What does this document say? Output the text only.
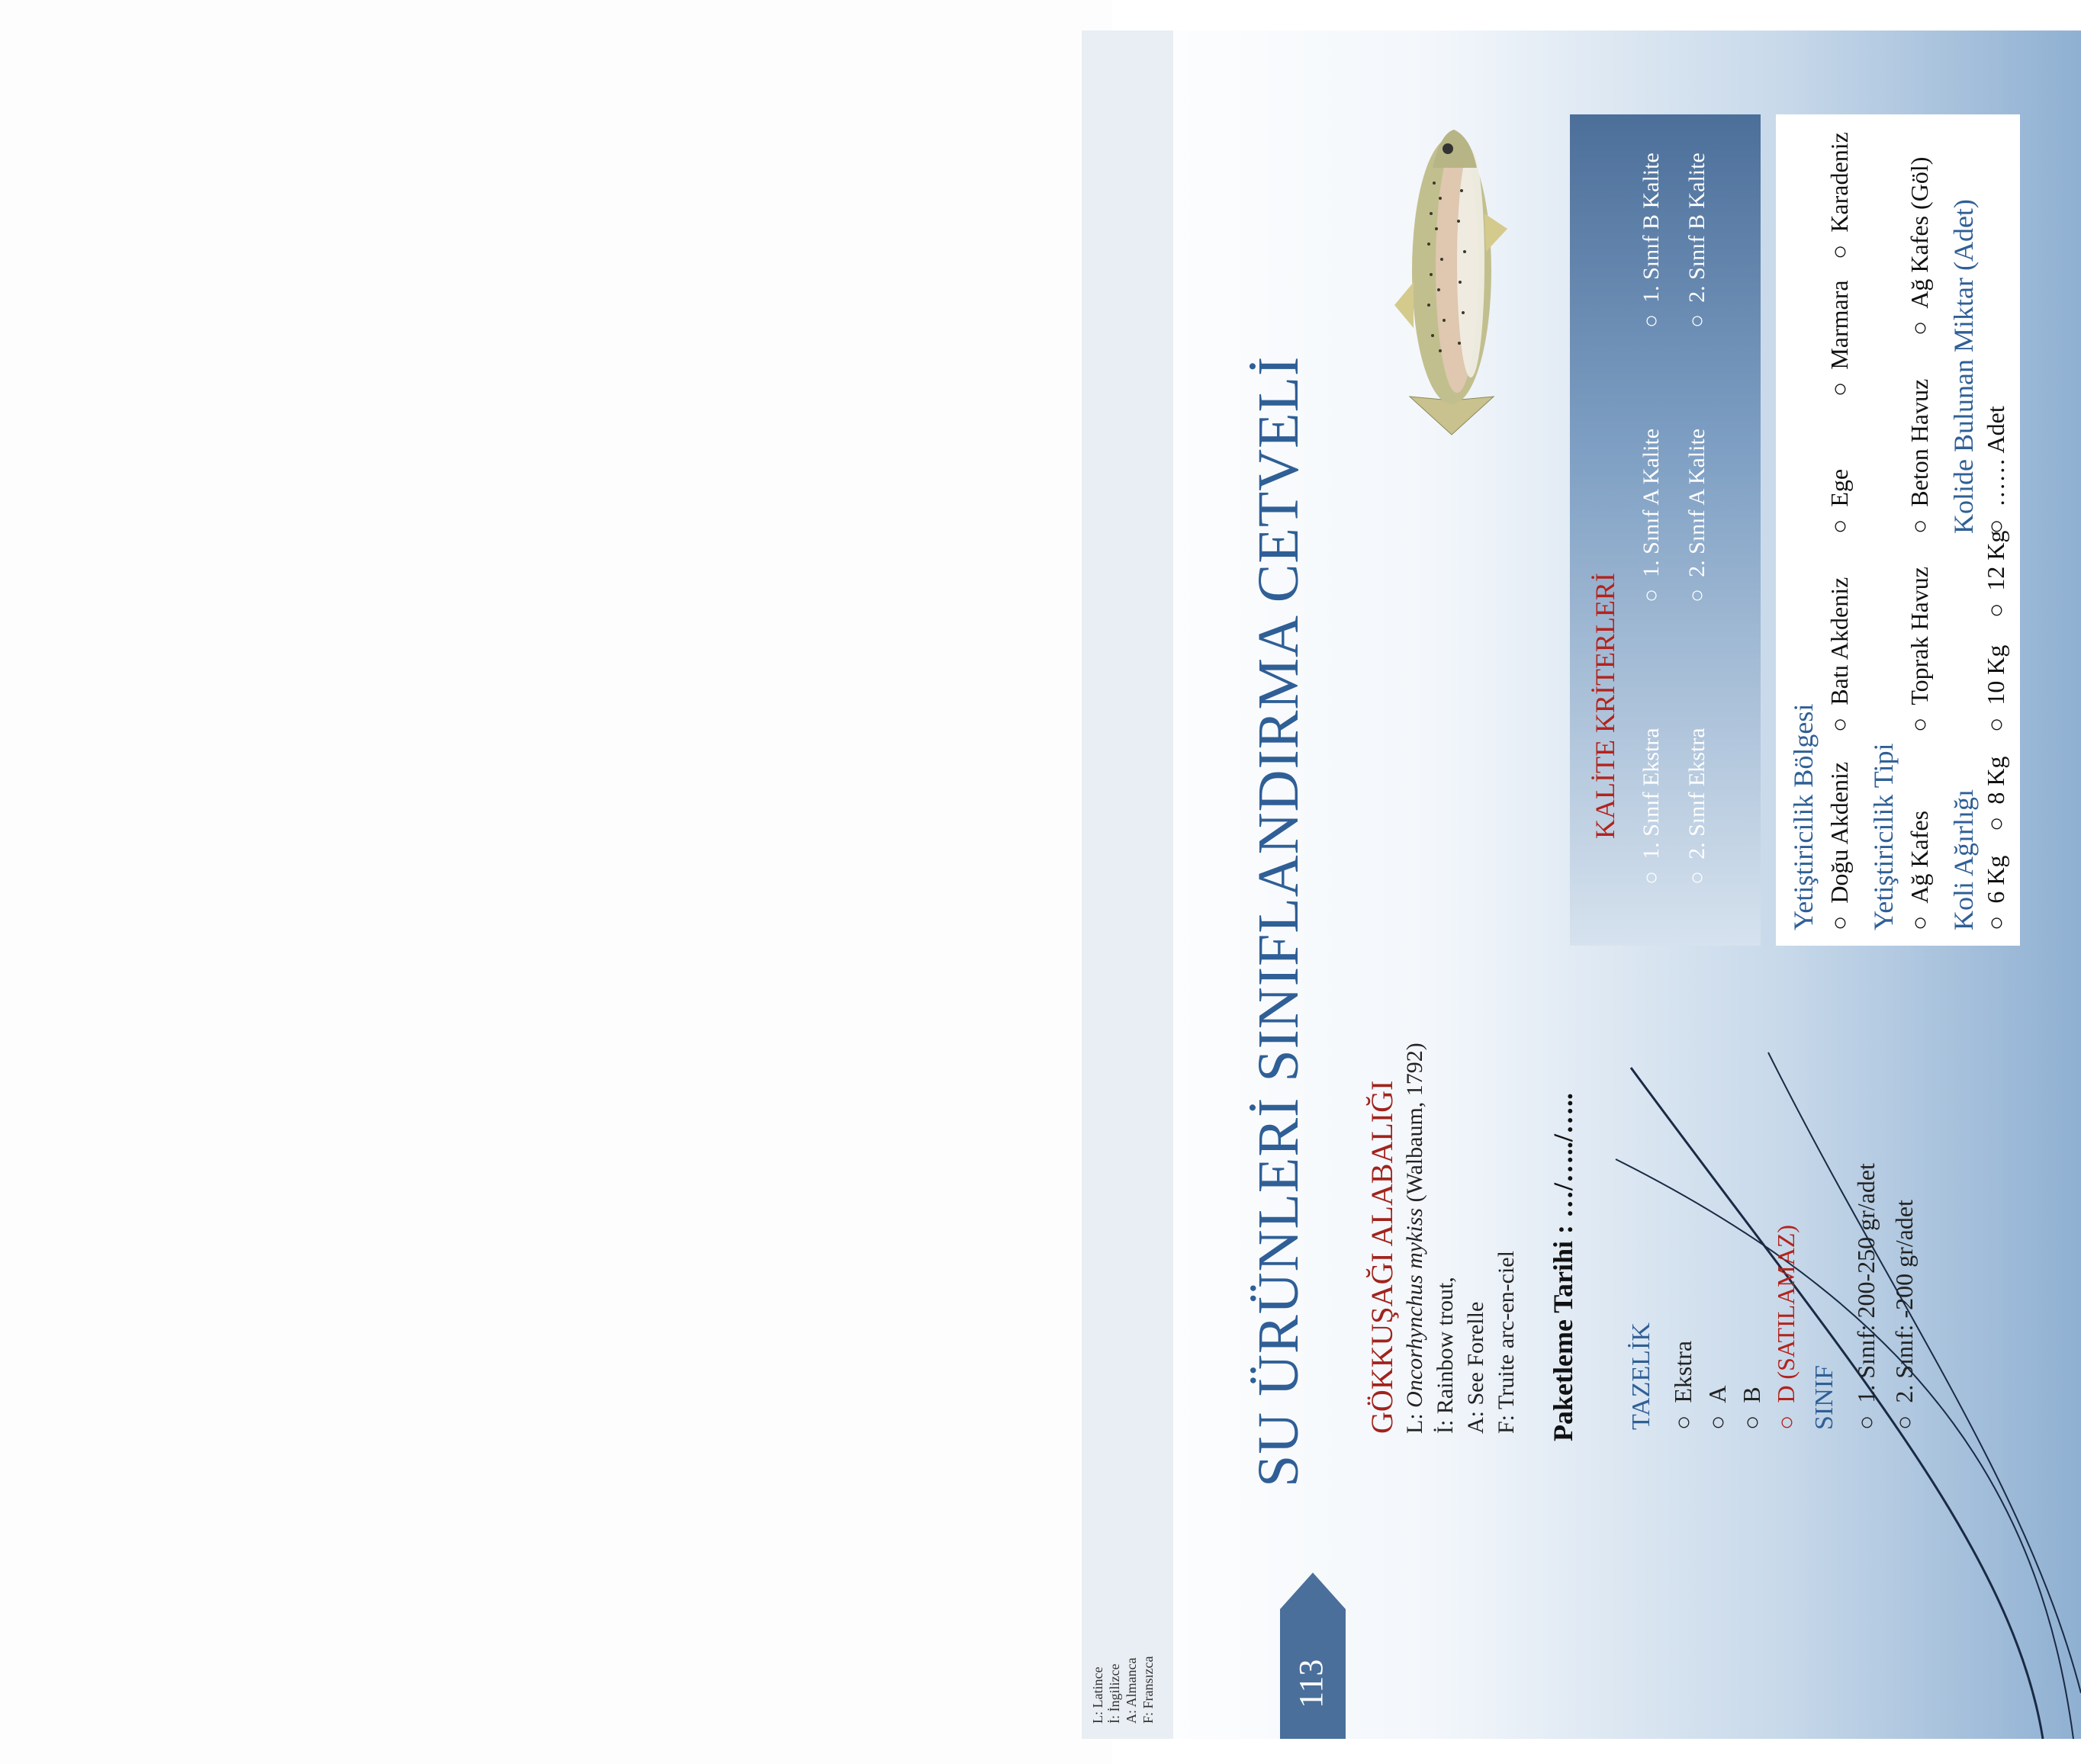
L: Latince İ: İngilizce A: Almanca F: Fransızca	113
SU ÜRÜNLERİ SINIFLANDIRMA CETVELİ GÖKKUŞAĞI ALABALIĞI L: Oncorhynchus mykiss (Walbaum, 1792)
İ: Rainbow trout, A: See Forelle F: Truite arc-en-ciel Paketleme Tarihi : …/…../….. TAZELİK ○  Ekstra
○  A
○  B
○  D (SATILAMAZ) SINIF ○  1. Sınıf: 200-250 gr/adet
○  2. Sınıf: -200 gr/adet
KALİTE KRİTERLERİ
○  1. Sınıf Ekstra
○  1. Sınıf A Kalite
○  1. Sınıf B Kalite
○  2. Sınıf Ekstra
○  2. Sınıf A Kalite
○  2. Sınıf B Kalite
Yetiştiricilik Bölgesi ○  Doğu Akdeniz
○  Batı Akdeniz
○  Ege
○  Marmara
○  Karadeniz
Yetiştiricilik Tipi ○  Ağ Kafes
○  Toprak Havuz
○  Beton Havuz
○  Ağ Kafes (Göl)
Koli Ağırlığı ○  6 Kg
○  8 Kg
○  10 Kg
○  12 Kg
Kolide Bulunan Miktar (Adet) ○  …… Adet
